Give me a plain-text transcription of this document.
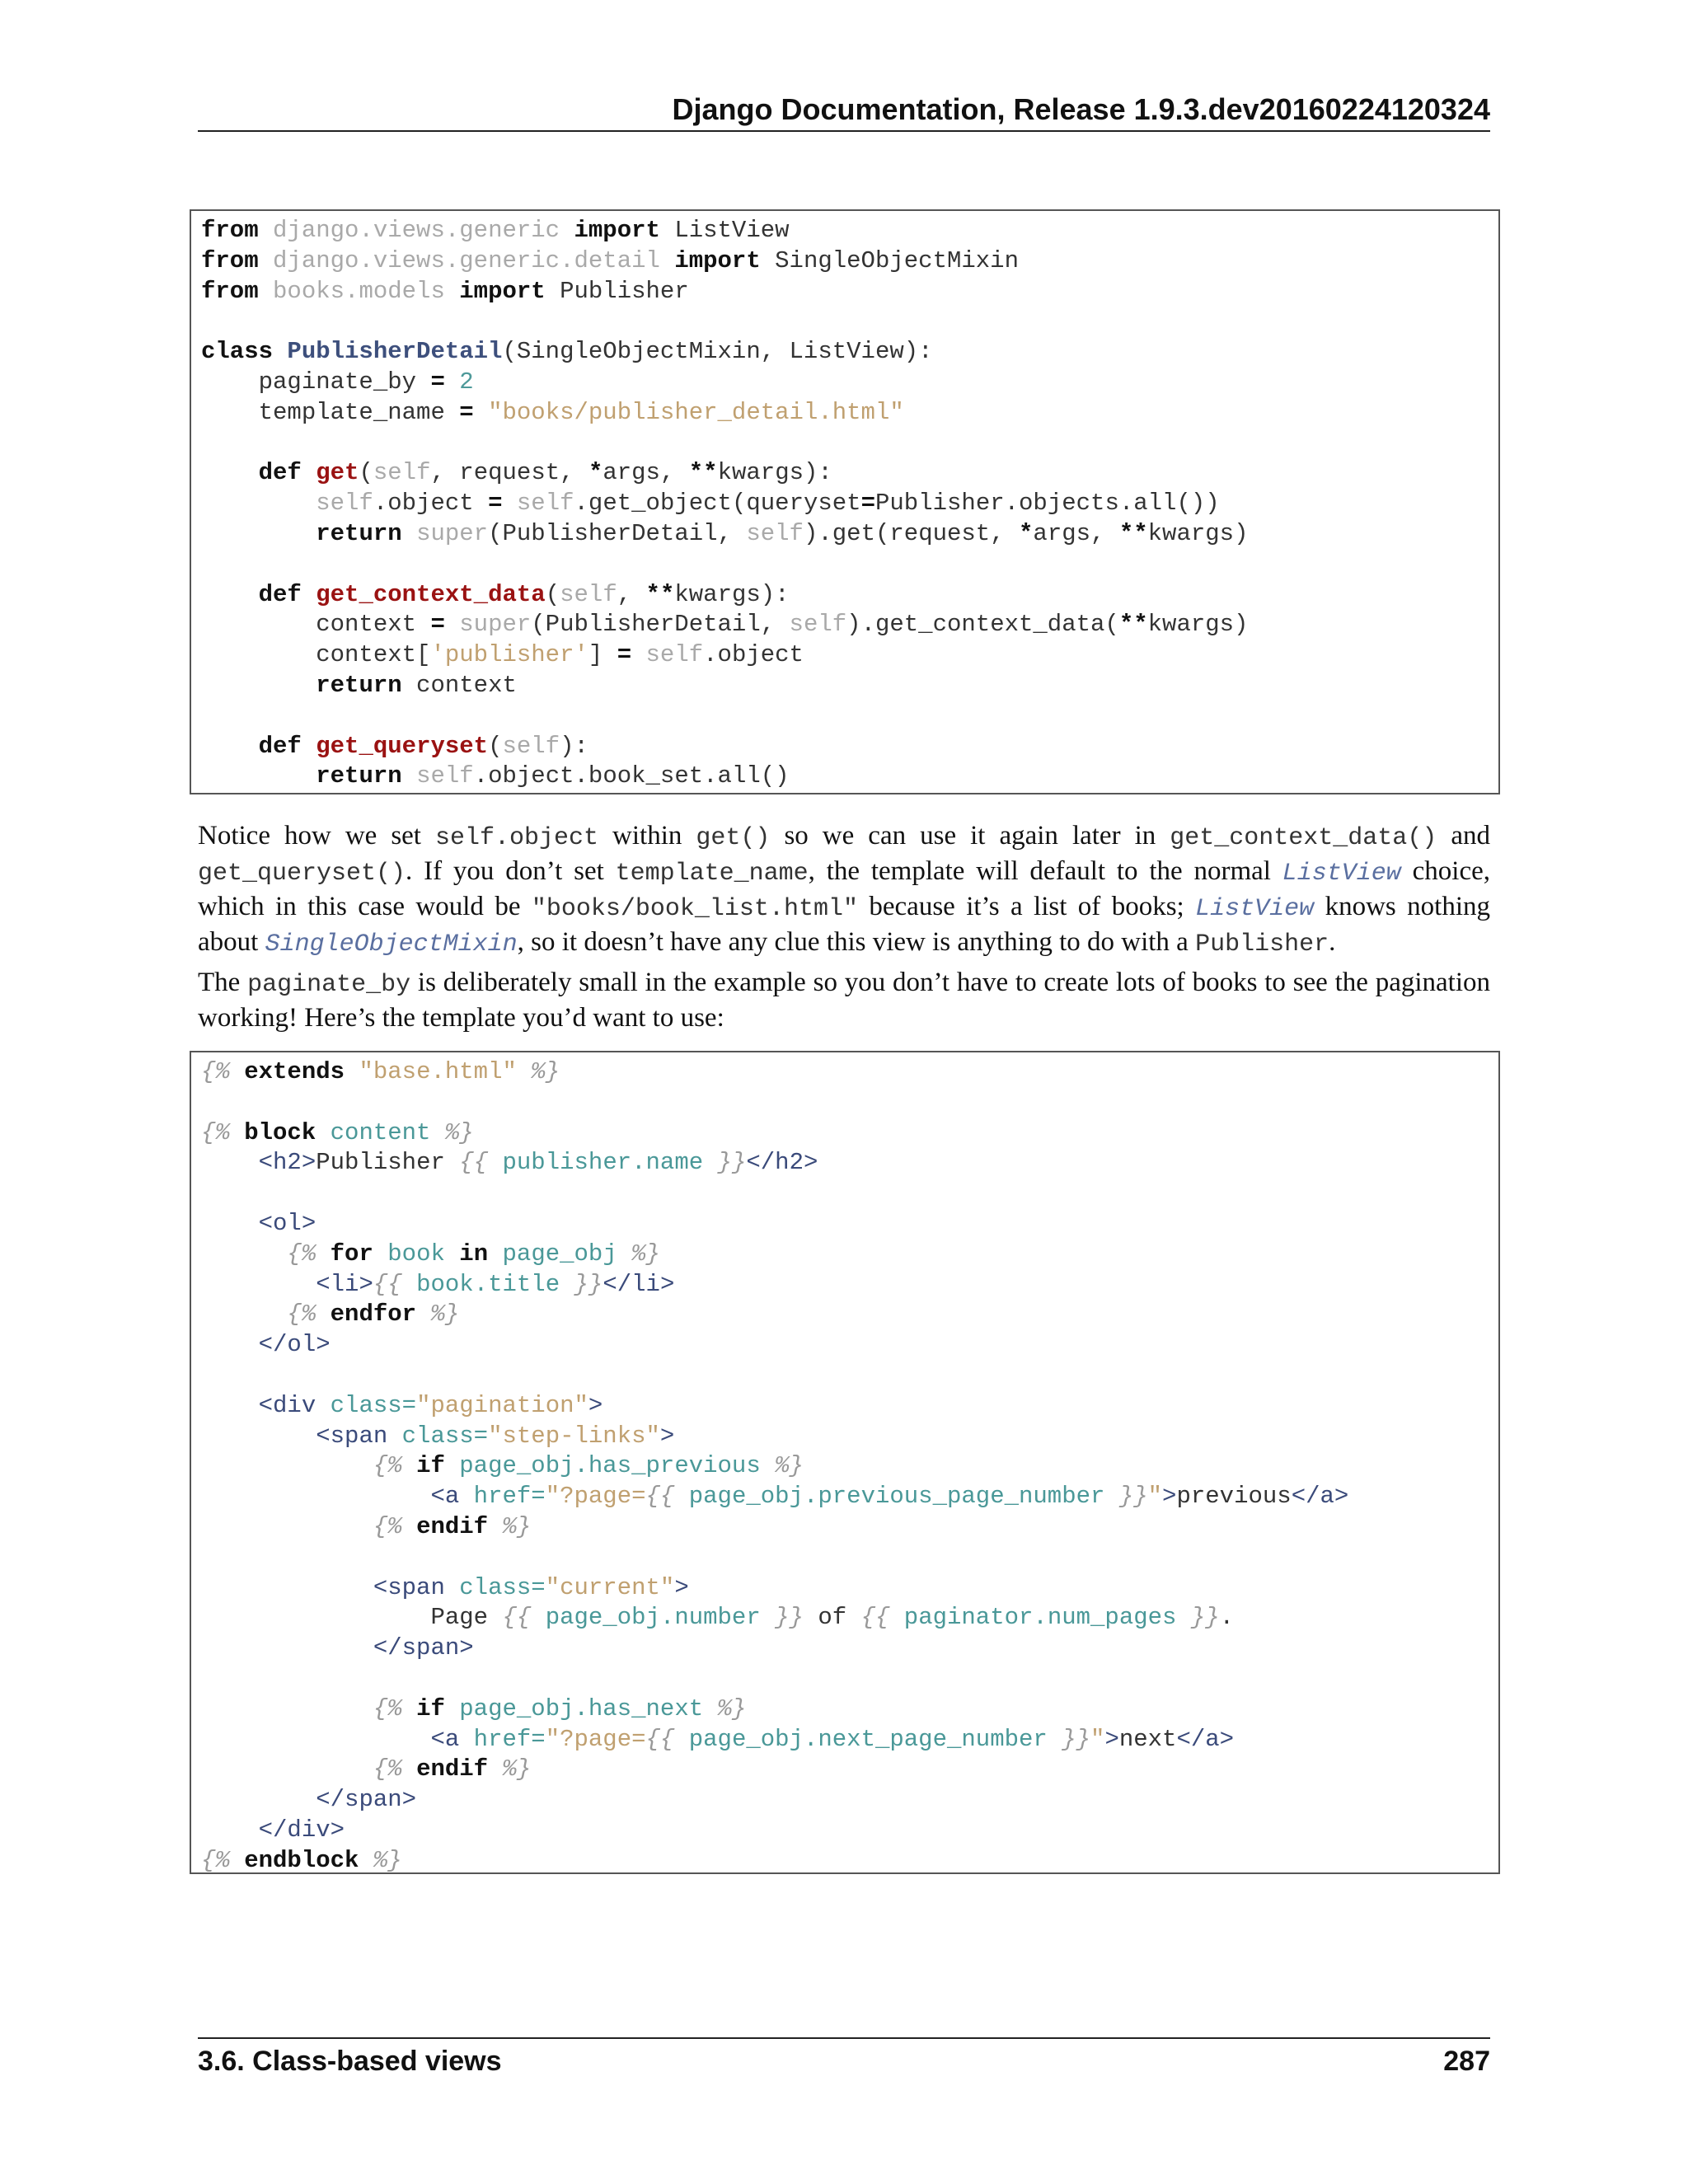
Django Documentation, Release 1.9.3.dev20160224120324
from django.views.generic import ListView
from django.views.generic.detail import SingleObjectMixin
from books.models import Publisher

class PublisherDetail(SingleObjectMixin, ListView):
paginate_by = 2
template_name = "books/publisher_detail.html"

def get(self, request, *args, **kwargs):
self.object = self.get_object(queryset=Publisher.objects.all())
return super(PublisherDetail, self).get(request, *args, **kwargs)

def get_context_data(self, **kwargs):
context = super(PublisherDetail, self).get_context_data(**kwargs)
context['publisher'] = self.object
return context

def get_queryset(self):
return self.object.book_set.all()

Notice how we set self.object within get() so we can use it again later in get_context_data() and get_queryset(). If you don’t set template_name, the template will default to the normal ListView choice, which in this case would be "books/book_list.html" because it’s a list of books; ListView knows nothing about SingleObjectMixin, so it doesn’t have any clue this view is anything to do with a Publisher.

The paginate_by is deliberately small in the example so you don’t have to create lots of books to see the pagination working! Here’s the template you’d want to use:

{% extends "base.html" %}

{% block content %}
<h2>Publisher {{ publisher.name }}</h2>

<ol>
{% for book in page_obj %}
<li>{{ book.title }}</li>
{% endfor %}
</ol>

<div class="pagination">
<span class="step-links">
{% if page_obj.has_previous %}
<a href="?page={{ page_obj.previous_page_number }}">previous</a>
{% endif %}

<span class="current">
Page {{ page_obj.number }} of {{ paginator.num_pages }}.
</span>

{% if page_obj.has_next %}
<a href="?page={{ page_obj.next_page_number }}">next</a>
{% endif %}
</span>
</div>
{% endblock %}
3.6. Class-based views	287
